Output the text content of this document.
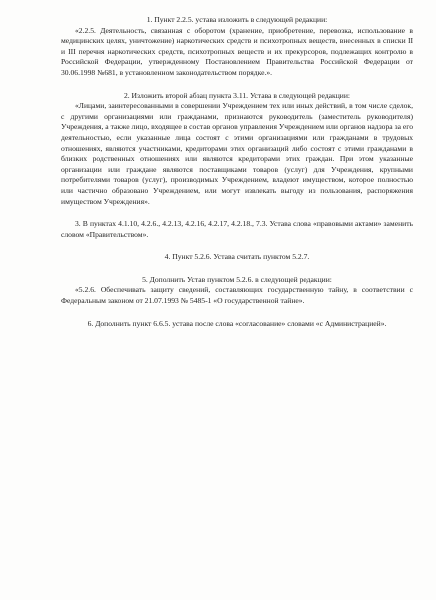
1. Пункт 2.2.5. устава изложить в следующей редакции:

«2.2.5. Деятельность, связанная с оборотом (хранение, приобретение, перевозка, использование в медицинских целях, уничтожение) наркотических средств и психотропных веществ, внесенных в списки II и III перечня наркотических средств, психотропных веществ и их прекурсоров, подлежащих контролю в Российской Федерации, утвержденному Постановлением Правительства Российской Федерации от 30.06.1998 №681, в установленном законодательством порядке.».

2. Изложить второй абзац пункта 3.11. Устава в следующей редакции:

«Лицами, заинтересованными в совершении Учреждением тех или иных действий, в том числе сделок, с другими организациями или гражданами, признаются руководитель (заместитель руководителя) Учреждения, а также лицо, входящее в состав органов управления Учреждением или органов надзора за его деятельностью, если указанные лица состоят с этими организациями или гражданами в трудовых отношениях, являются участниками, кредиторами этих организаций либо состоят с этими гражданами в близких родственных отношениях или являются кредиторами этих граждан. При этом указанные организации или граждане являются поставщиками товаров (услуг) для Учреждения, крупными потребителями товаров (услуг), производимых Учреждением, владеют имуществом, которое полностью или частично образовано Учреждением, или могут извлекать выгоду из пользования, распоряжения имуществом Учреждения».

3. В пунктах 4.1.10, 4.2.6., 4.2.13, 4.2.16, 4.2.17, 4.2.18., 7.3. Устава слова «правовыми актами» заменить словом «Правительством».

4. Пункт 5.2.6. Устава считать пунктом 5.2.7.

5. Дополнить Устав пунктом 5.2.6. в следующей редакции:

«5.2.6. Обеспечивать защиту сведений, составляющих государственную тайну, в соответствии с Федеральным законом от 21.07.1993 № 5485-1 «О государственной тайне».

6. Дополнить пункт 6.6.5. устава после слова «согласование» словами «с Администрацией».
